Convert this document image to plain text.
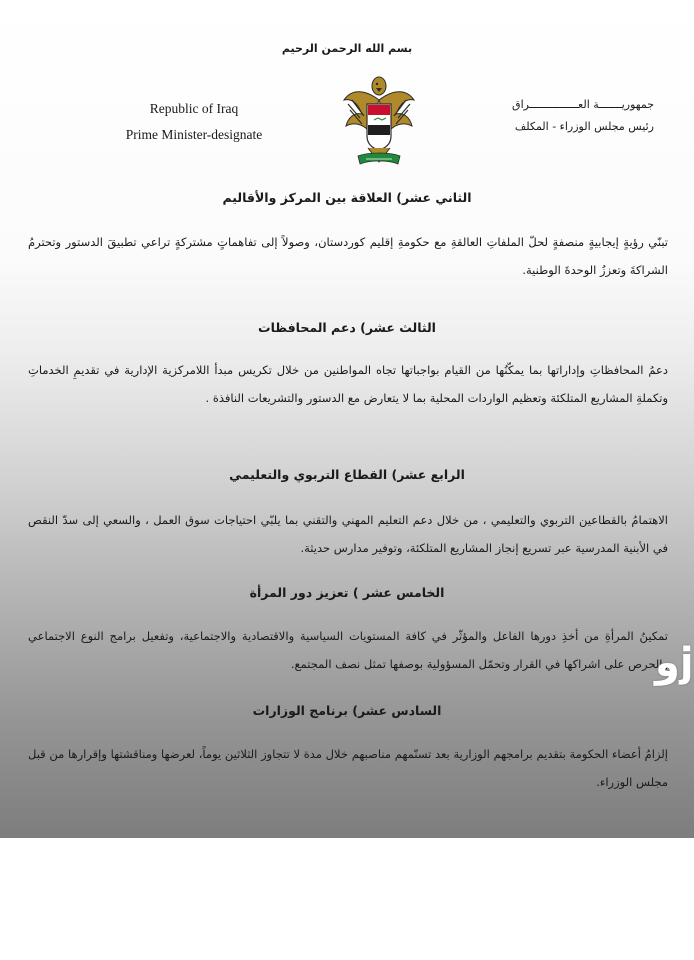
بسم الله الرحمن الرحيم
Republic of Iraq
Prime Minister-designate
جمهوريـــــــة العـــــــــــــــراق
رئيس مجلس الوزراء - المكلف
الثاني عشر) العلاقة بين المركز والأقاليم
تبنّي رؤيةٍ إيجابيةٍ منصفةٍ لحلّ الملفاتِ العالقةِ مع حكومةِ إقليم كوردستان، وصولاً إلى تفاهماتٍ مشتركةٍ تراعي تطبيقَ الدستور وتحترمُ الشراكةَ وتعززُ الوحدةَ الوطنية.
الثالث عشر) دعم المحافظات
دعمُ المحافظاتِ وإداراتها بما يمكّنُها من القيام بواجباتها تجاه المواطنين من خلال تكريس مبدأ اللامركزية الإدارية في تقديمِ الخدماتِ وتكملةِ المشاريع المتلكئة وتعظيم الواردات المحلية بما لا يتعارض مع الدستور والتشريعات النافذة .
الرابع عشر) القطاع التربوي والتعليمي
الاهتمامُ بالقطاعين التربوي والتعليمي ، من خلال دعم التعليم المهني والتقني بما يلبّي احتياجات سوق العمل ، والسعي إلى سدّ النقص في الأبنية المدرسية عبر تسريع إنجاز المشاريع المتلكئة، وتوفير مدارس حديثة.
الخامس عشر ) تعزيز دور المرأة
تمكينُ المرأةِ من أخذِ دورها الفاعل والمؤثّر في كافة المستويات السياسية والاقتصادية والاجتماعية، وتفعيل برامج النوع الاجتماعي والحرص على اشراكها في القرار وتحمّل المسؤولية بوصفها تمثل نصف المجتمع.
السادس عشر) برنامج الوزارات
إلزامُ أعضاء الحكومة بتقديم برامجهم الوزارية بعد تسنّمهم مناصبهم خلال مدة لا تتجاوز الثلاثين يوماً، لعرضها ومناقشتها وإقرارها من قبل مجلس الوزراء.
jو
